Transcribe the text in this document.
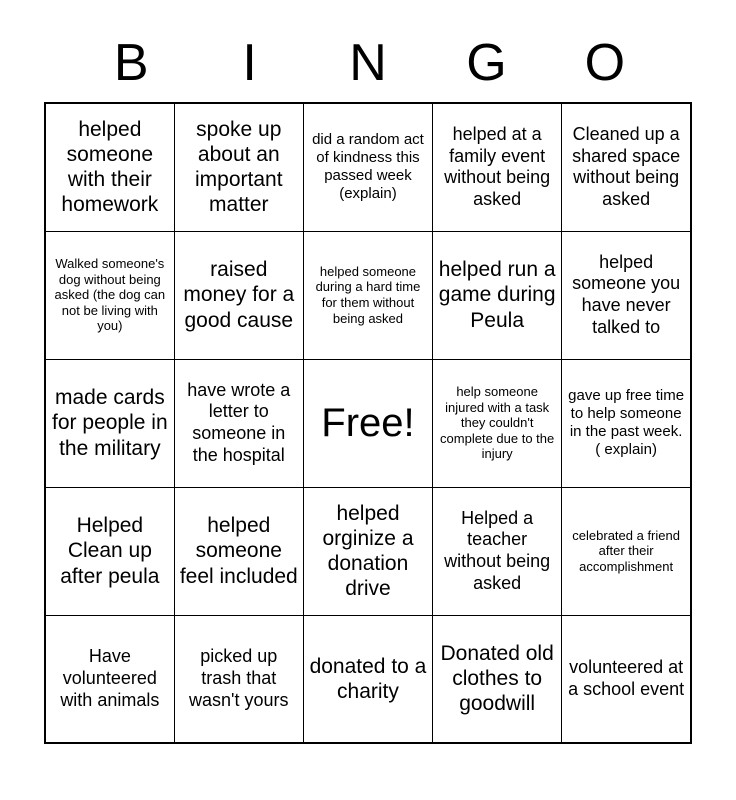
B	I	N	G	O
helped someone with their homework	spoke up about an important matter	did a random act of kindness this passed week (explain)	helped at a family event without being asked	Cleaned up a shared space without being asked
Walked someone's dog without being asked (the dog can not be living with you)	raised money for a good cause	helped someone during a hard time for them without being asked	helped run a game during Peula	helped someone you have never talked to
made cards for people in the military	have wrote a letter to someone in the hospital	Free!	help someone injured with a task they couldn't complete due to the injury	gave up free time to help someone in the past week. ( explain)
Helped Clean up after peula	helped someone feel included	helped orginize a donation drive	Helped a teacher without being asked	celebrated a friend after their accomplishment
Have volunteered with animals	picked up trash that wasn't yours	donated to a charity	Donated old clothes to goodwill	volunteered at a school event
